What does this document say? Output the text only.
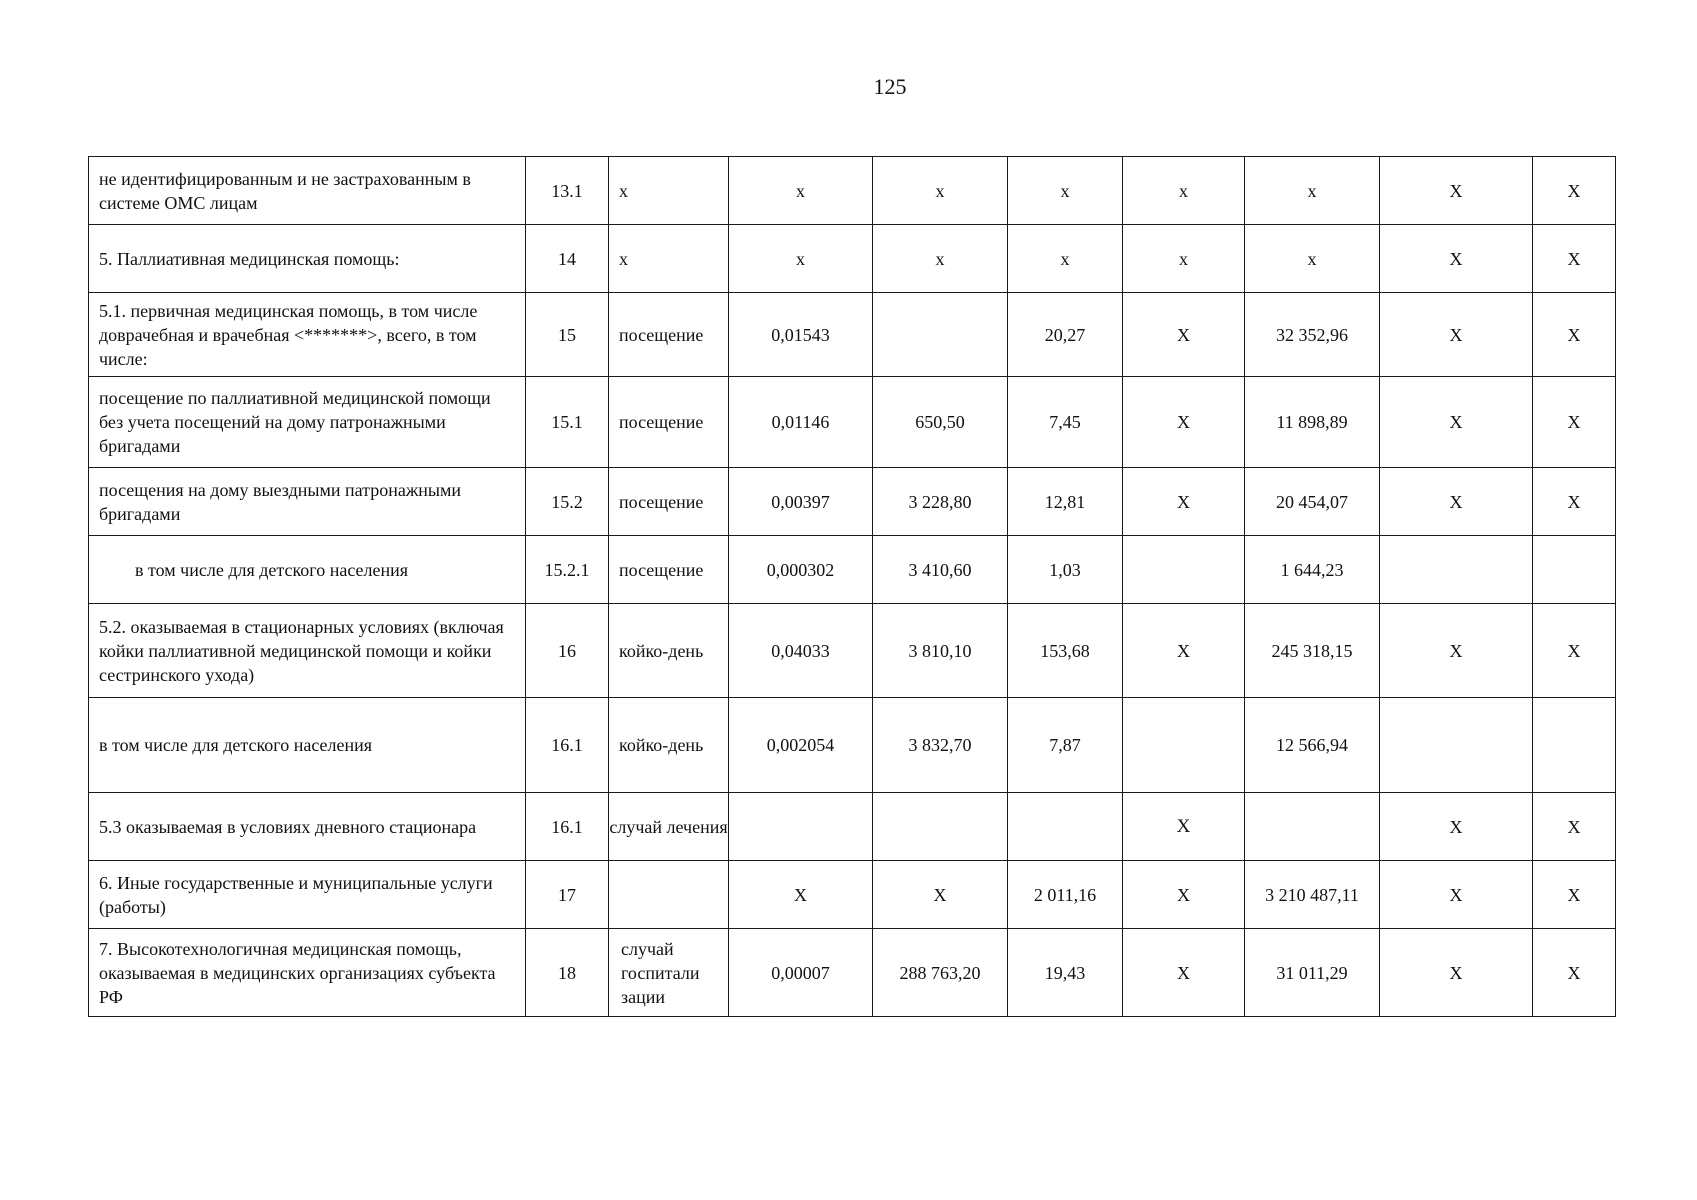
125
не идентифицированным и не застрахованным в системе ОМС лицам	13.1	х	х	х	х	х	х	Х	Х
5. Паллиативная медицинская помощь:	14	х	х	х	х	х	х	Х	Х
5.1. первичная медицинская помощь, в том числе доврачебная и врачебная <*******>, всего, в том числе:	15	посещение	0,01543		20,27	Х	32 352,96	Х	Х
посещение по паллиативной медицинской помощи без учета посещений на дому патронажными бригадами	15.1	посещение	0,01146	650,50	7,45	Х	11 898,89	Х	Х
посещения на дому выездными патронажными бригадами	15.2	посещение	0,00397	3 228,80	12,81	Х	20 454,07	Х	Х
в том числе для детского населения	15.2.1	посещение	0,000302	3 410,60	1,03		1 644,23		
5.2. оказываемая в стационарных условиях (включая койки паллиативной медицинской помощи и койки сестринского ухода)	16	койко-день	0,04033	3 810,10	153,68	Х	245 318,15	Х	Х
в том числе для детского населения	16.1	койко-день	0,002054	3 832,70	7,87		12 566,94		
5.3 оказываемая в условиях дневного стационара	16.1	случай лечения				Х		Х	Х
6. Иные государственные и муниципальные услуги (работы)	17		Х	Х	2 011,16	Х	3 210 487,11	Х	Х
7. Высокотехнологичная медицинская помощь, оказываемая в медицинских организациях субъекта РФ	18	случай госпитали зации	0,00007	288 763,20	19,43	Х	31 011,29	Х	Х
